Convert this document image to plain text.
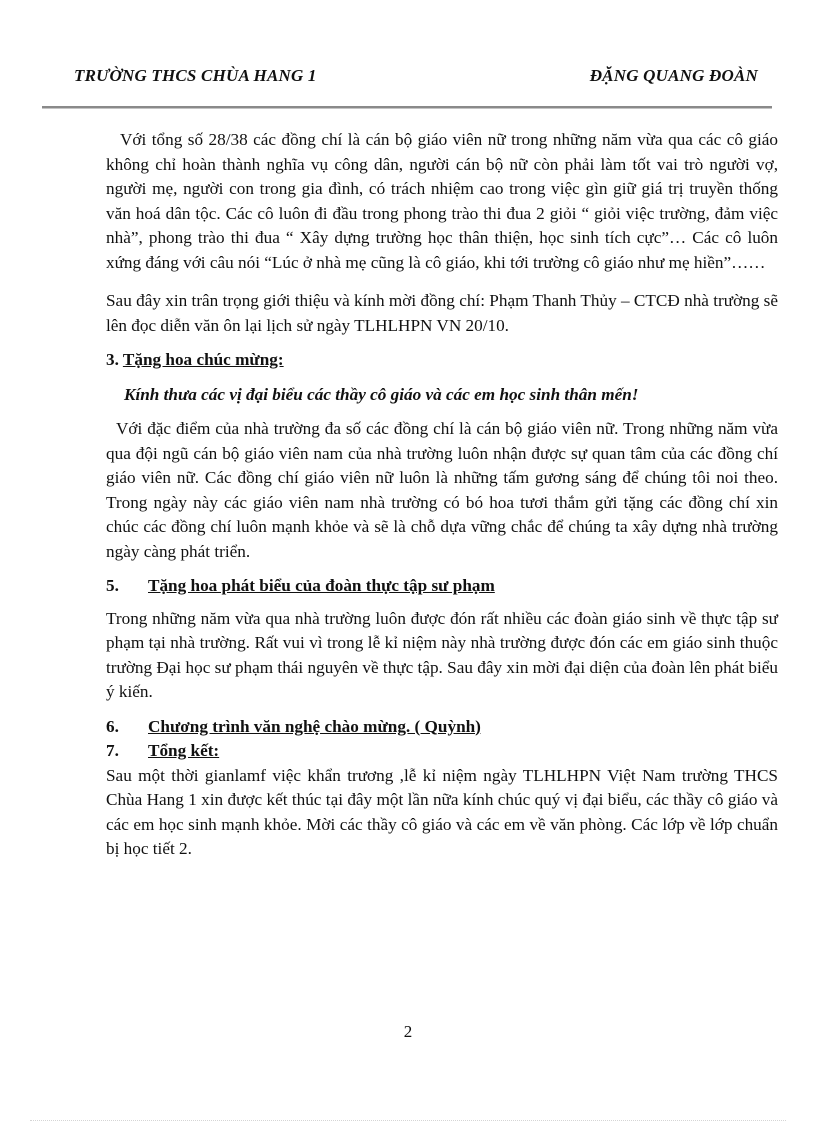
TRƯỜNG THCS CHÙA HANG 1	ĐẶNG QUANG ĐOÀN

Với tổng số 28/38 các đồng chí là cán bộ giáo viên nữ trong những năm vừa qua các cô giáo không chỉ hoàn thành nghĩa vụ công dân, người cán bộ nữ còn phải làm tốt vai trò người vợ, người mẹ, người con trong gia đình, có trách nhiệm cao trong việc gìn giữ giá trị truyền thống văn hoá dân tộc. Các cô luôn đi đầu trong phong trào thi đua 2 giỏi “ giỏi việc trường, đảm việc nhà”, phong trào thi đua “ Xây dựng trường học thân thiện, học sinh tích cực”… Các cô luôn xứng đáng với câu nói “Lúc ở nhà mẹ cũng là cô giáo, khi tới trường cô giáo như mẹ hiền”……

Sau đây xin trân trọng giới thiệu và kính mời đồng chí: Phạm Thanh Thủy – CTCĐ nhà trường sẽ lên đọc diễn văn ôn lại lịch sử ngày TLHLHPN VN 20/10.

3. Tặng hoa chúc mừng:

Kính thưa các vị đại biểu các thầy cô giáo và các em học sinh thân mến!

Với đặc điểm của nhà trường đa số các đồng chí là cán bộ giáo viên nữ. Trong những năm vừa qua đội ngũ cán bộ giáo viên nam của nhà trường luôn nhận được sự quan tâm của các đồng chí giáo viên nữ. Các đồng chí giáo viên nữ luôn là những tấm gương sáng để chúng tôi noi theo. Trong ngày này các giáo viên nam nhà trường có bó hoa tươi thắm gửi tặng các đồng chí xin chúc các đồng chí luôn mạnh khỏe và sẽ là chỗ dựa vững chắc để chúng ta xây dựng nhà trường ngày càng phát triển.

5.	Tặng hoa phát biểu của đoàn thực tập sư phạm

Trong những năm vừa qua nhà trường luôn được đón rất nhiều các đoàn giáo sinh về thực tập sư phạm tại nhà trường. Rất vui vì trong lễ kỉ niệm này nhà trường được đón các em giáo sinh thuộc trường Đại học sư phạm thái nguyên về thực tập. Sau đây xin mời đại diện của đoàn lên phát biểu ý kiến.

6.	Chương trình văn nghệ chào mừng. ( Quỳnh)
7.	Tổng kết:

Sau một thời gianlamf việc khẩn trương ,lễ kỉ niệm ngày TLHLHPN Việt Nam trường THCS Chùa Hang 1 xin được kết thúc tại đây một lần nữa kính chúc quý vị đại biểu, các thầy cô giáo và các em học sinh mạnh khỏe. Mời các thầy cô giáo và các em về văn phòng. Các lớp về lớp chuẩn bị học tiết 2.

2
